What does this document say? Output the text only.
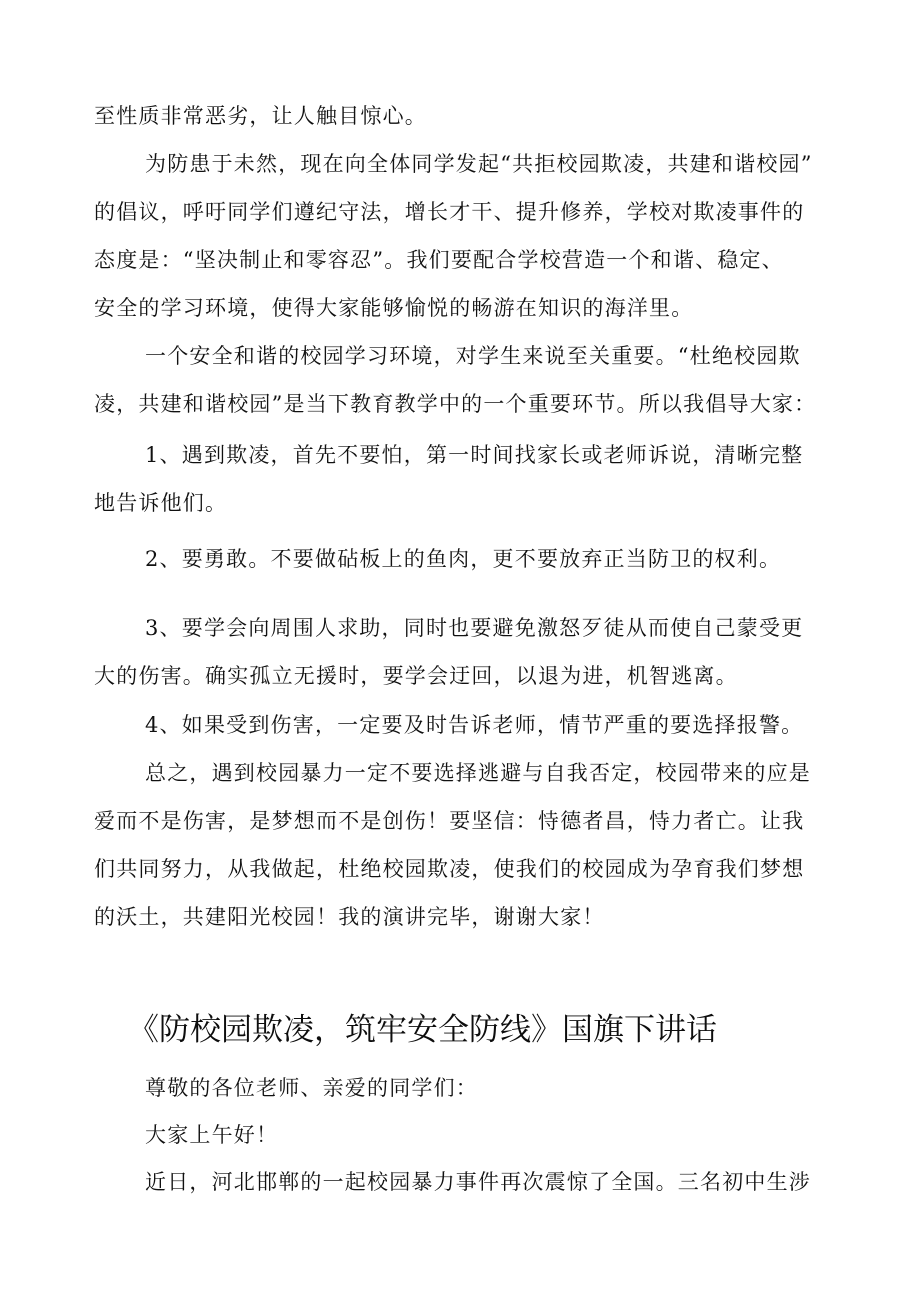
至性质非常恶劣，让人触目惊心。
为防患于未然，现在向全体同学发起“共拒校园欺凌，共建和谐校园”
的倡议，呼吁同学们遵纪守法，增长才干、提升修养，学校对欺凌事件的
态度是：“坚决制止和零容忍”。我们要配合学校营造一个和谐、稳定、
安全的学习环境，使得大家能够愉悦的畅游在知识的海洋里。
一个安全和谐的校园学习环境，对学生来说至关重要。“杜绝校园欺
凌，共建和谐校园”是当下教育教学中的一个重要环节。所以我倡导大家：
1、遇到欺凌，首先不要怕，第一时间找家长或老师诉说，清晰完整
地告诉他们。
2、要勇敢。不要做砧板上的鱼肉，更不要放弃正当防卫的权利。
3、要学会向周围人求助，同时也要避免激怒歹徒从而使自己蒙受更
大的伤害。确实孤立无援时，要学会迂回，以退为进，机智逃离。
4、如果受到伤害，一定要及时告诉老师，情节严重的要选择报警。
总之，遇到校园暴力一定不要选择逃避与自我否定，校园带来的应是
爱而不是伤害，是梦想而不是创伤！要坚信：恃德者昌，恃力者亡。让我
们共同努力，从我做起，杜绝校园欺凌，使我们的校园成为孕育我们梦想
的沃土，共建阳光校园！我的演讲完毕，谢谢大家！
《防校园欺凌，筑牢安全防线》国旗下讲话
尊敬的各位老师、亲爱的同学们：
大家上午好！
近日，河北邯郸的一起校园暴力事件再次震惊了全国。三名初中生涉
